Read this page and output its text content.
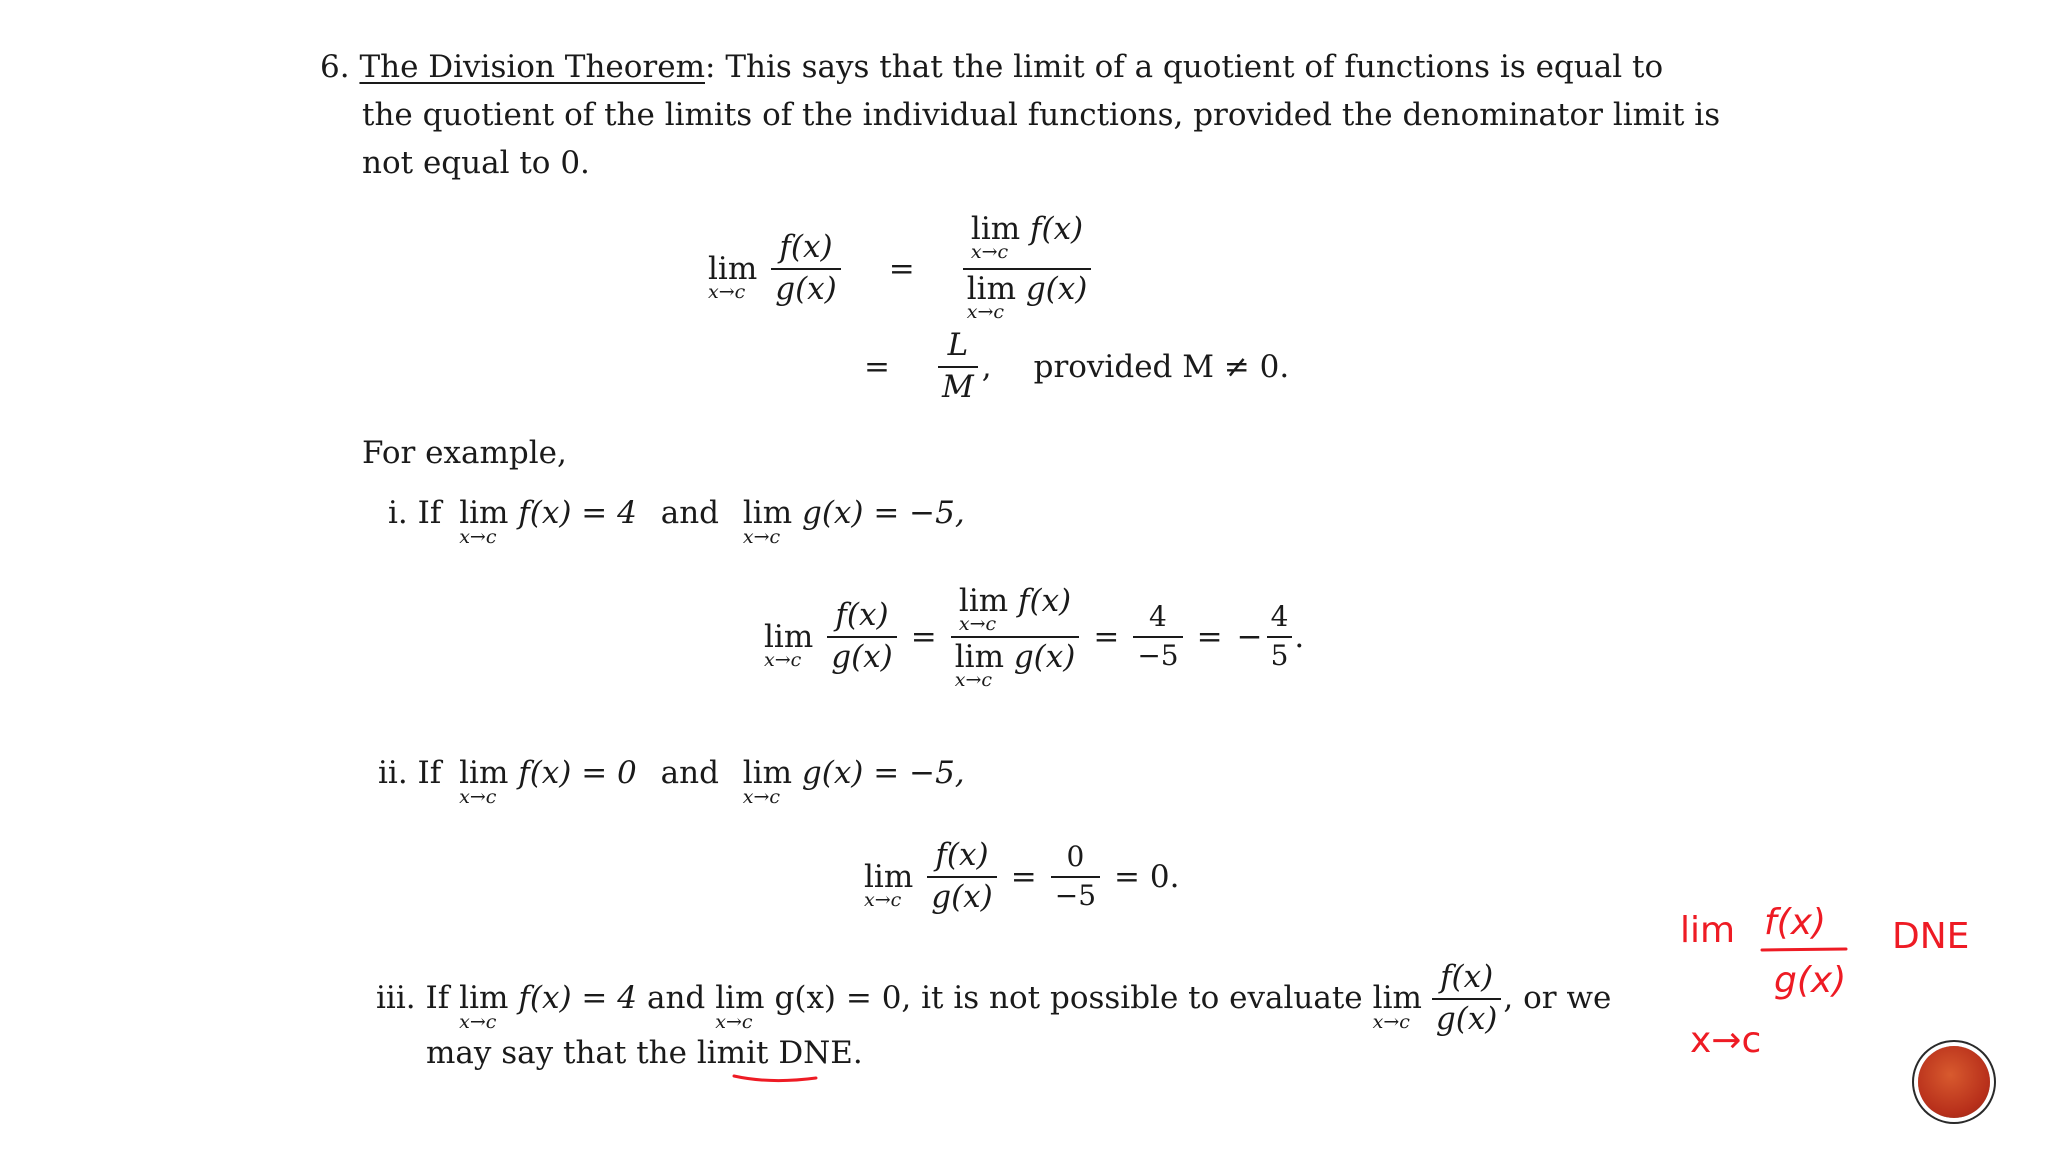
6. The Division Theorem: This says that the limit of a quotient of functions is equal to
the quotient of the limits of the individual functions, provided the denominator limit is
not equal to 0.
lim
$x\to c \frac{f(x)}{g(x)} = \lim$
x→c
f(x)
lim
x→c
g(x)
= $\frac{L}{M}$ , provided M ≠ 0.
For example,
i. If lim
x→c
f(x) = 4 and lim
x→c
g(x) = −5,
lim
$x\to c \frac{f(x)}{g(x)} = \lim$
x→c
f(x)
lim
x→c
$g(x) = \frac{4}{-5}$ = − $\frac{4}{5}$ .
ii. If lim
x→c
f(x) = 0 and lim
x→c
g(x) = −5,
lim
$x\to c \frac{f(x)}{g(x)} = \frac{0}{-5} = 0$.
iii. If lim
x→c
f(x) = 4 and lim
x→c
g(x) = 0, it is not possible to evaluate lim
$x\to c \frac{f(x)}{g(x)}$ , or we
may say that the limit DNE.
lim f(x)
g(x)
DNE
x→c
